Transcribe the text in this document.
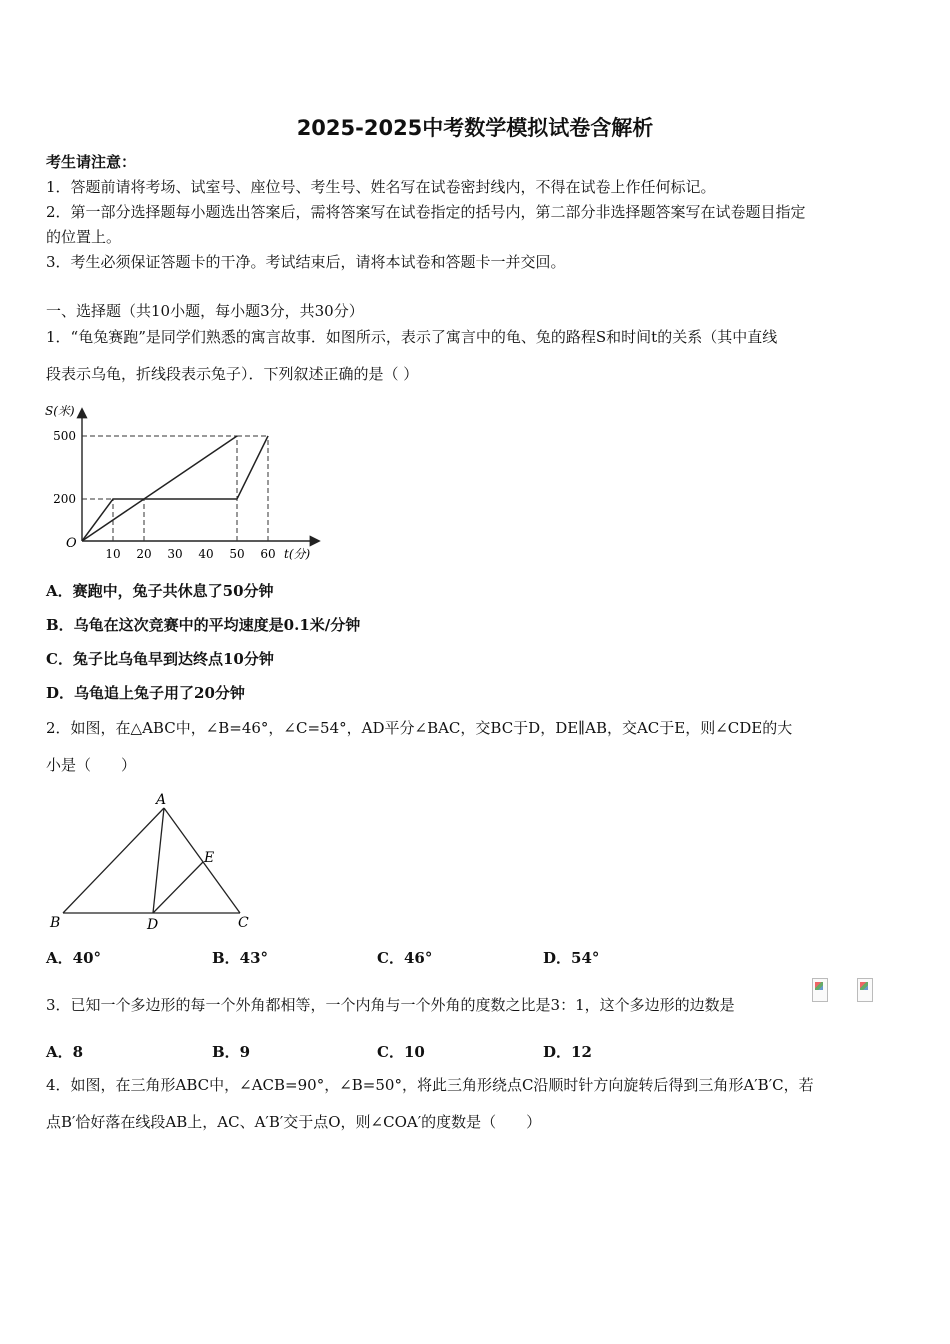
2025-2025中考数学模拟试卷含解析
考生请注意：
1．答题前请将考场、试室号、座位号、考生号、姓名写在试卷密封线内，不得在试卷上作任何标记。
2．第一部分选择题每小题选出答案后，需将答案写在试卷指定的括号内，第二部分非选择题答案写在试卷题目指定
的位置上。
3．考生必须保证答题卡的干净。考试结束后，请将本试卷和答题卡一并交回。
一、选择题（共10小题，每小题3分，共30分）
1．“龟兔赛跑”是同学们熟悉的寓言故事．如图所示，表示了寓言中的龟、兔的路程S和时间t的关系（其中直线
段表示乌龟，折线段表示兔子）．下列叙述正确的是（ ）
10 20 30 40 50 60
500
200
S(米)
t(分)
O
A．赛跑中，兔子共休息了50分钟
B．乌龟在这次竞赛中的平均速度是0.1米/分钟
C．兔子比乌龟早到达终点10分钟
D．乌龟追上兔子用了20分钟
2．如图，在△ABC中，∠B=46°，∠C=54°，AD平分∠BAC，交BC于D，DE∥AB，交AC于E，则∠CDE的大
小是（　　）
A
B	C
D
E
A．40°	B．43°	C．46°	D．54°
3．已知一个多边形的每一个外角都相等，一个内角与一个外角的度数之比是3：1，这个多边形的边数是
A．8	B．9	C．10	D．12
4．如图，在三角形ABC中，∠ACB=90°，∠B=50°，将此三角形绕点C沿顺时针方向旋转后得到三角形A′B′C，若
点B′恰好落在线段AB上，AC、A′B′交于点O，则∠COA′的度数是（　　）
